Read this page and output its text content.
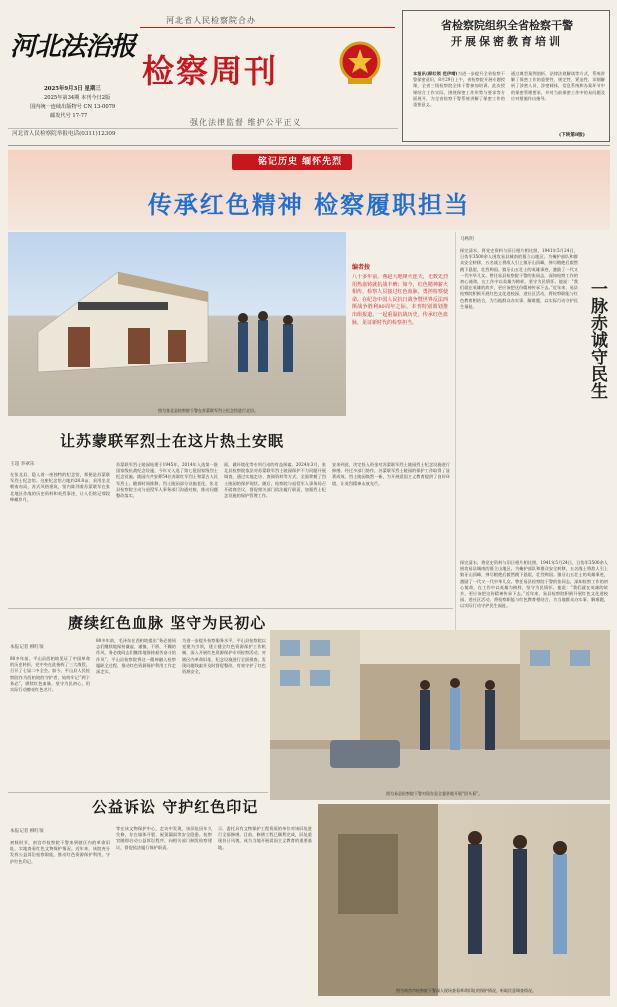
河北法治报
2025年9月3日 星期三
2025年第34期 本刊今日2版
国内统一连续出版物号 CN 13-0079
邮发代号 17-77
河北省人民检察院合办
检察周刊
强化法律监督 维护公平正义
河北省人民检察院举报电话(0311)12309
省检察院组织全省检察干警
开展保密教育培训
本报讯(柳红领 范伊晴)为进一步提升全省检察干警保密意识，8月29日上午，省检察院开展专题授课，全省三级检察院全体干警参加培训。此次授课结合工作实际，围绕保密工作形势与要求等方面展开，为全省检察干警系统讲解了保密工作的重要意义。
通过典型案例剖析，法律法规解读等方式，系统讲解了保密工作的重要性、规定性、紧迫性，详细解析了涉密人员、涉密载体，信息系统和办案环节中的保密管理要求，并对当前保密工作中的易问题及应对措施作出指导。
(下转第8版)
铭记历史 缅怀先烈
传承红色精神 检察履职担当
图为张北县检察院干警在苏蒙联军烈士纪念馆进行走访。
编者按
八十多年前，燕赵大地烽火连天，无数先烈用热血铸就抗战丰碑；如今，红色精神薪火相传，检察人员接过红色血脉，勇担检察使命。在纪念中国人民抗日战争暨世界反法西斯战争胜利80周年之际，本刊特别策划推出组报道，一起重温抗战历史，传承红色血脉，见证新时代的检察担当。
马秋明
一脉赤诚守民生
探完清水，将党史资料与旧日相片相比照，1941年5月24日，日伪军3500余人围攻易县城南的墓立山地区。为掩护部队和群众安全转移，五名战士将敌人引上狼牙山顶峰，弹尽粮绝后毅然跳下悬崖，壮烈殉国。狼牙山五壮士的英雄事迹，激励了一代又一代中华儿女。曾任易县检察院干警的张同志，深知检察工作的初心使命，在工作中以英雄为榜样，坚守为民情怀。他说：“我们就在英雄的故乡，更应该把这份精神传承下去。”近年来，易县检察院积极开展红色文化进校园、进社区活动，将检察职能与红色教育相结合，为当地群众办实事、解难题，以实际行动守护民生福祉。
探完清水，将党史资料与旧日相片相比照，1941年5月24日，日伪军3500余人围攻易县城南的墓立山地区。为掩护部队和群众安全转移，五名战士将敌人引上狼牙山顶峰，弹尽粮绝后毅然跳下悬崖，壮烈殉国。狼牙山五壮士的英雄事迹，激励了一代又一代中华儿女。曾任易县检察院干警的张同志，深知检察工作的初心使命，在工作中以英雄为榜样，坚守为民情怀。他说：“我们就在英雄的故乡，更应该把这份精神传承下去。”近年来，易县检察院积极开展红色文化进校园、进社区活动，将检察职能与红色教育相结合，为当地群众办实事、解难题，以实际行动守护民生福祉。
让苏蒙联军烈士在这片热土安眠
王超 李翠乐
在张北县，隐入着一座独特的纪念馆，那便是苏蒙联军烈士纪念馆。这座纪念馆占地约28.8亩，采用坐北朝南布局，苏式风格建筑，馆内陈列着苏蒙联军在张北地区作战的历史资料和英烈事迹，让人们铭记那段峥嵘岁月。
苏蒙联军烈士陵园始建于1945年，2014年入选第一批国家级抗战纪念设施，今年又入选了第七批国家级烈士纪念设施。陵园内共安葬54位苏联红军烈士和蒙古人民军烈士。随着时间推移，烈士陵园部分设施老化，张北县检察院主动与退役军人事务部门沟通对接，推动问题整改落实。
面，做环境化等专项行动的有益探索。2024年3月，张北县检察院依法对苏蒙联军烈士陵园保护不力问题开展调查，通过实地走访、查阅资料等方式，全面掌握了烈士陵园的保护现状。随后，检察院与退役军人事务局召开磋商会议，督促相关部门依法履行职责，加强烈士纪念设施的保护管理工作。
安来到此，决定投入资金对苏蒙联军烈士陵园烈士纪念设施进行修缮。经过多部门协作，苏蒙联军烈士陵园的保护工作取得了显著成效。烈士陵园焕然一新，为开展爱国主义教育提供了良好环境，让英烈精神永放光芒。
赓续红色血脉 坚守为民初心
本报记者 柳红领
80多年前，平山县西柏坡见证了中国革命的历史转折，党中央在此指挥了三大战役，召开了七届二中全会。如今，平山县人民检察院作为西柏坡的守护者，始终牢记“两个务必”，赓续红色血脉，坚守为民初心，用实际行动擦亮红色名片。
80多年前，毛泽东在西柏坡提出“务必使同志们继续地保持谦虚、谨慎、不骄、不躁的作风，务必使同志们继续地保持艰苦奋斗的作风”。平山县检察院将这一精神融入检察履职全过程，推动红色资源保护利用工作走深走实。
为进一步提升检察服务水平，平山县检察院以党建为引领，建立健全红色资源保护工作机制，深入开展红色资源保护专项检察活动，对辖区内革命旧址、纪念设施进行全面排查，发现问题线索并及时督促整改，有效守护了红色资源安全。
图为易县检察院干警对留存县全委驻地开展“回头看”。
公益诉讼 守护红色印记
本报记者 柳红领
初秋时节，南宫市检察院干警来到辖区内的革命旧址，实地查看红色文物保护情况。近年来，该院充分发挥公益诉讼检察职能，推动红色资源保护利用，守护红色印记。
等在该文物保护中心，走访中发现，该旧址因年久失修，存在墙体开裂、屋顶漏雨等安全隐患。检察官随即启动公益诉讼程序，向相关部门制发检察建议，督促依法履行保护职责。
示，委托具有文物保护工程资质的单位对该旧址进行全面修缮。目前，修缮工程已顺利完成，旧址重现昔日风貌，成为当地开展爱国主义教育的重要基地。
图为南宫市检察院干警深入现场查看革命旧址的保护情况，听取民意调查情况。
